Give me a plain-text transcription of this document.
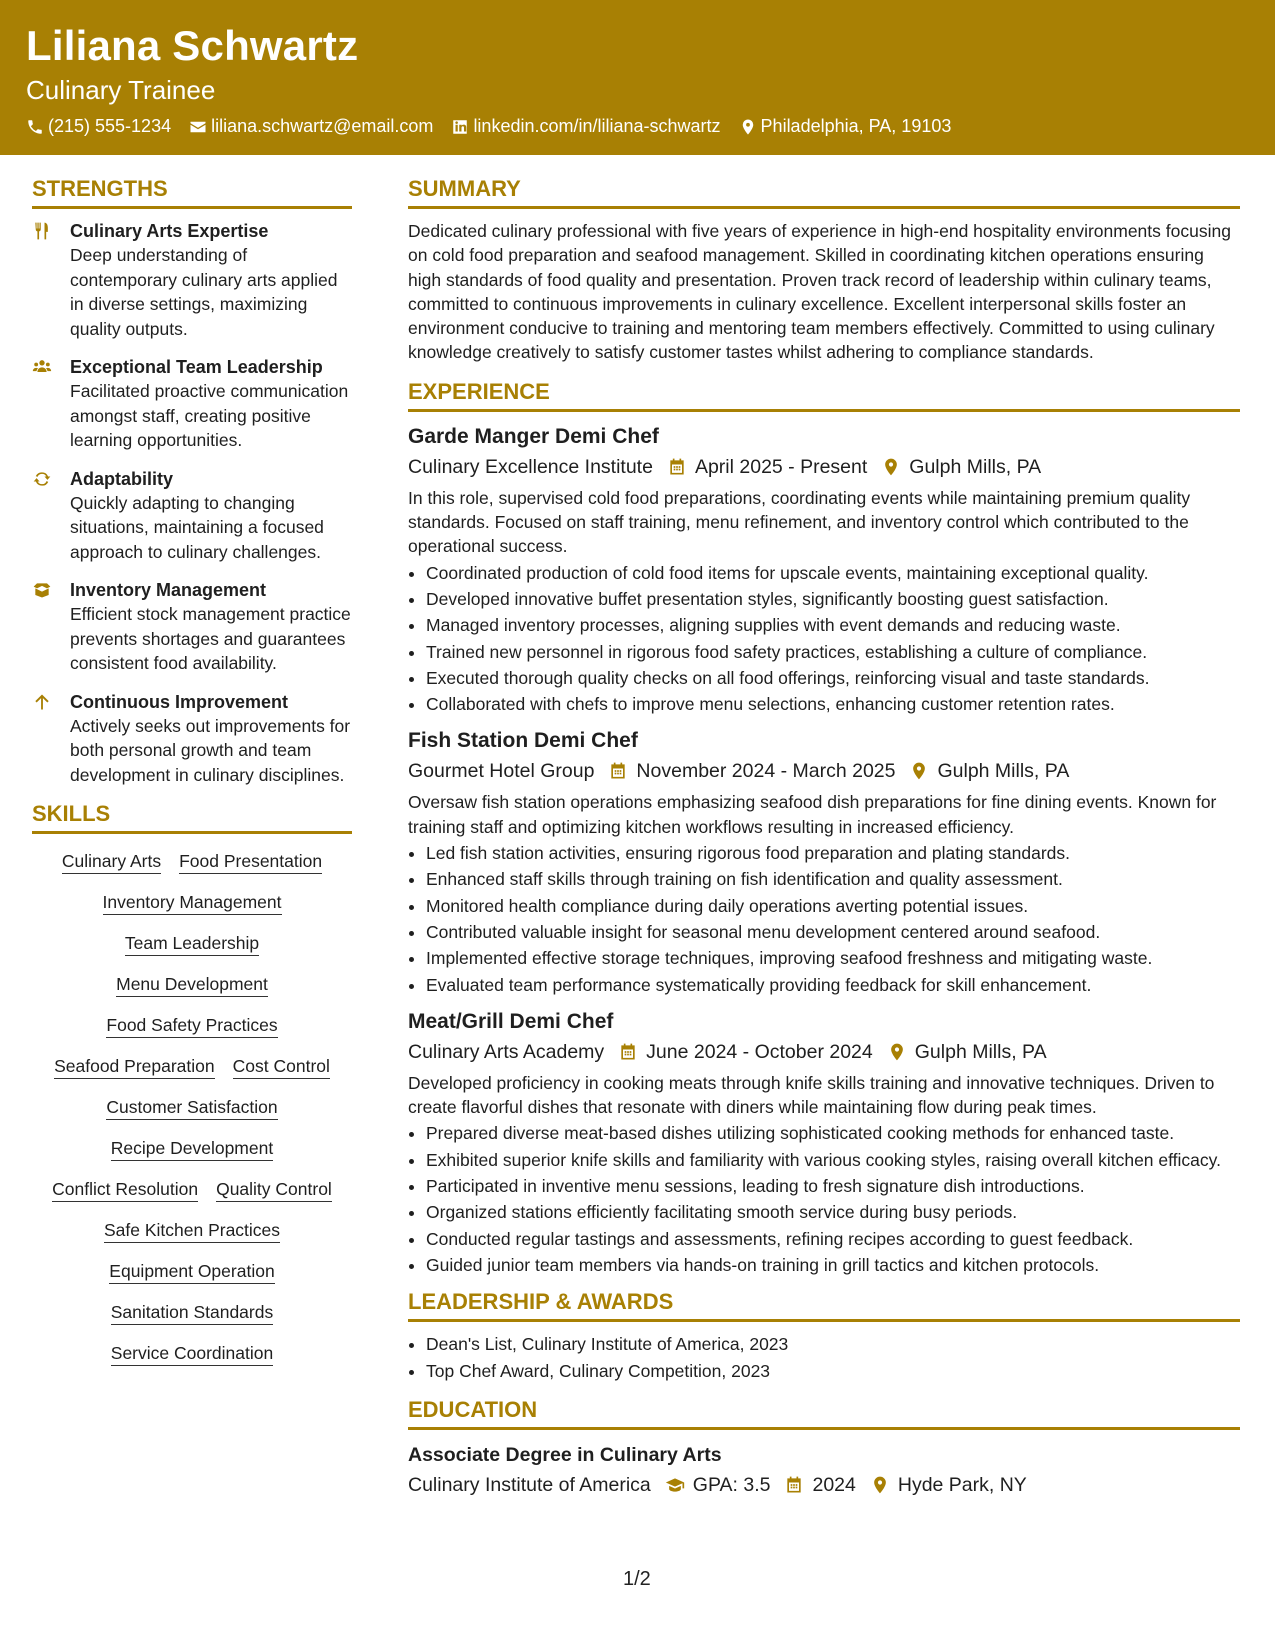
Liliana Schwartz
Culinary Trainee
(215) 555-1234 liliana.schwartz@email.com linkedin.com/in/liliana-schwartz Philadelphia, PA, 19103
STRENGTHS
Culinary Arts Expertise
Deep understanding of contemporary culinary arts applied in diverse settings, maximizing quality outputs.
Exceptional Team Leadership
Facilitated proactive communication amongst staff, creating positive learning opportunities.
Adaptability
Quickly adapting to changing situations, maintaining a focused approach to culinary challenges.
Inventory Management
Efficient stock management practice prevents shortages and guarantees consistent food availability.
Continuous Improvement
Actively seeks out improvements for both personal growth and team development in culinary disciplines.
SKILLS
Culinary Arts Food Presentation
Inventory Management
Team Leadership
Menu Development
Food Safety Practices
Seafood Preparation Cost Control
Customer Satisfaction
Recipe Development
Conflict Resolution Quality Control
Safe Kitchen Practices
Equipment Operation
Sanitation Standards
Service Coordination
SUMMARY
Dedicated culinary professional with five years of experience in high-end hospitality environments focusing on cold food preparation and seafood management. Skilled in coordinating kitchen operations ensuring high standards of food quality and presentation. Proven track record of leadership within culinary teams, committed to continuous improvements in culinary excellence. Excellent interpersonal skills foster an environment conducive to training and mentoring team members effectively. Committed to using culinary knowledge creatively to satisfy customer tastes whilst adhering to compliance standards.
EXPERIENCE
Garde Manger Demi Chef
Culinary Excellence Institute April 2025 - Present Gulph Mills, PA
In this role, supervised cold food preparations, coordinating events while maintaining premium quality standards. Focused on staff training, menu refinement, and inventory control which contributed to the operational success.
• Coordinated production of cold food items for upscale events, maintaining exceptional quality.
• Developed innovative buffet presentation styles, significantly boosting guest satisfaction.
• Managed inventory processes, aligning supplies with event demands and reducing waste.
• Trained new personnel in rigorous food safety practices, establishing a culture of compliance.
• Executed thorough quality checks on all food offerings, reinforcing visual and taste standards.
• Collaborated with chefs to improve menu selections, enhancing customer retention rates.
Fish Station Demi Chef
Gourmet Hotel Group November 2024 - March 2025 Gulph Mills, PA
Oversaw fish station operations emphasizing seafood dish preparations for fine dining events. Known for training staff and optimizing kitchen workflows resulting in increased efficiency.
• Led fish station activities, ensuring rigorous food preparation and plating standards.
• Enhanced staff skills through training on fish identification and quality assessment.
• Monitored health compliance during daily operations averting potential issues.
• Contributed valuable insight for seasonal menu development centered around seafood.
• Implemented effective storage techniques, improving seafood freshness and mitigating waste.
• Evaluated team performance systematically providing feedback for skill enhancement.
Meat/Grill Demi Chef
Culinary Arts Academy June 2024 - October 2024 Gulph Mills, PA
Developed proficiency in cooking meats through knife skills training and innovative techniques. Driven to create flavorful dishes that resonate with diners while maintaining flow during peak times.
• Prepared diverse meat-based dishes utilizing sophisticated cooking methods for enhanced taste.
• Exhibited superior knife skills and familiarity with various cooking styles, raising overall kitchen efficacy.
• Participated in inventive menu sessions, leading to fresh signature dish introductions.
• Organized stations efficiently facilitating smooth service during busy periods.
• Conducted regular tastings and assessments, refining recipes according to guest feedback.
• Guided junior team members via hands-on training in grill tactics and kitchen protocols.
LEADERSHIP & AWARDS
• Dean's List, Culinary Institute of America, 2023
• Top Chef Award, Culinary Competition, 2023
EDUCATION
Associate Degree in Culinary Arts
Culinary Institute of America GPA: 3.5 2024 Hyde Park, NY
1/2
